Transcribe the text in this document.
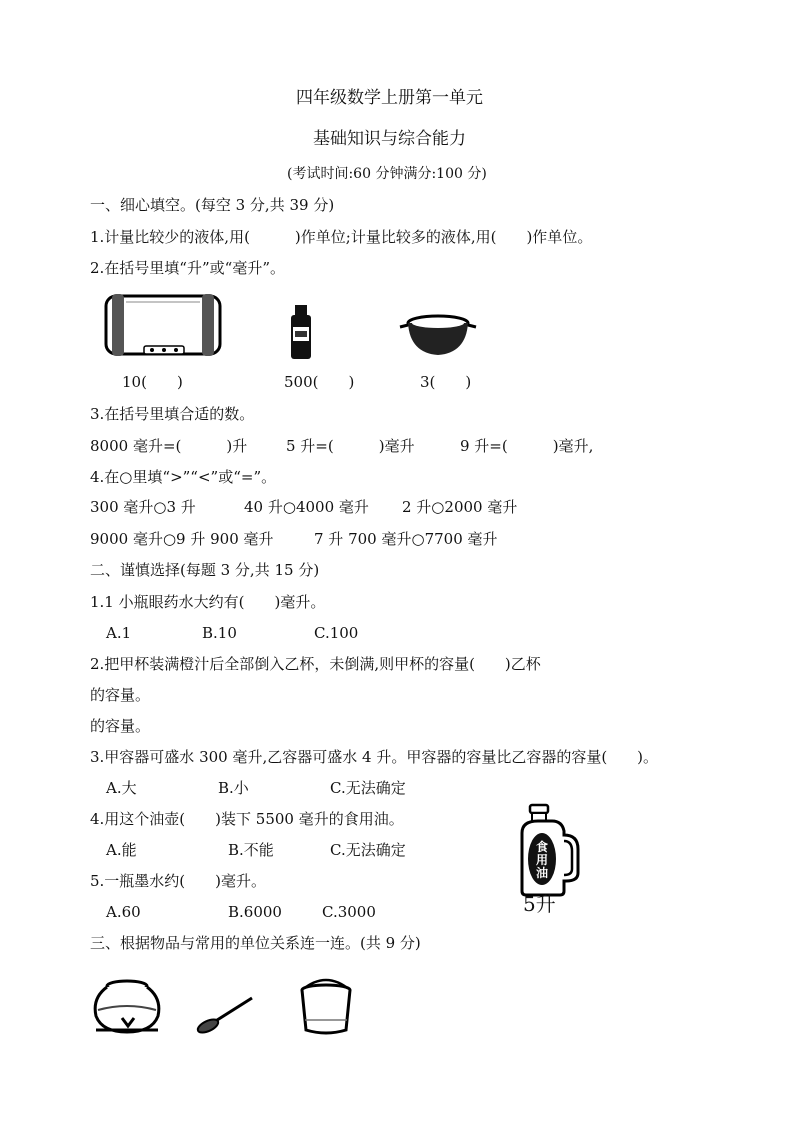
四年级数学上册第一单元
基础知识与综合能力
(考试时间:60 分钟满分:100 分)
一、细心填空。(每空 3 分,共 39 分)
1.计量比较少的液体,用(　　　)作单位;计量比较多的液体,用(　　)作单位。
2.在括号里填“升”或“毫升”。
10(　　)	500(　　)	3(　　)
3.在括号里填合适的数。
8000 毫升=(　　　)升	5 升=(　　　)毫升	9 升=(　　　)毫升,
4.在○里填“>”“<”或“=”。
300 毫升○3 升	40 升○4000 毫升 2 升○2000 毫升
9000 毫升○9 升 900 毫升	7 升 700 毫升○7700 毫升
二、谨慎选择(每题 3 分,共 15 分)
1.1 小瓶眼药水大约有(　　)毫升。
A.1	B.10	C.100
2.把甲杯装满橙汁后全部倒入乙杯，未倒满,则甲杯的容量(　　)乙杯
的容量。
的容量。
3.甲容器可盛水 300 毫升,乙容器可盛水 4 升。甲容器的容量比乙容器的容量(　　)。
A.大	B.小	C.无法确定
4.用这个油壶(　　)装下 5500 毫升的食用油。
A.能	B.不能	C.无法确定
5.一瓶墨水约(　　)毫升。
A.60	B.6000	C.3000
食用油
5升
三、根据物品与常用的单位关系连一连。(共 9 分)
